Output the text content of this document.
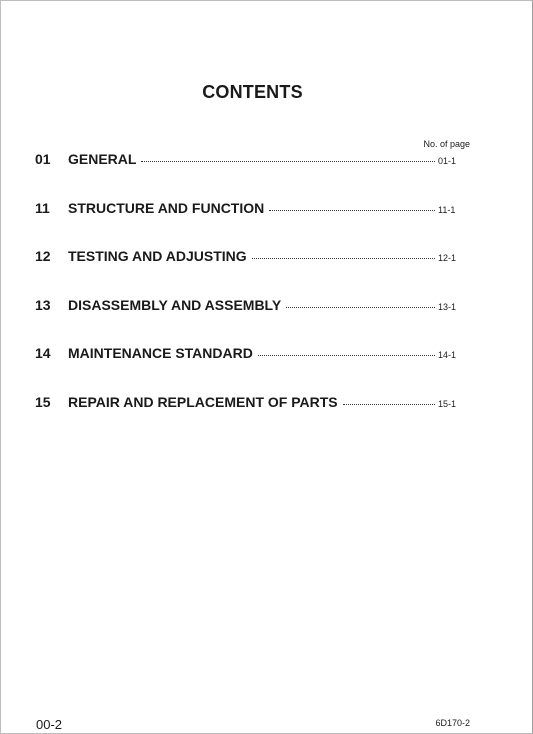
CONTENTS
No. of page
01	GENERAL	01-1
11	STRUCTURE AND FUNCTION	11-1
12	TESTING AND ADJUSTING	12-1
13	DISASSEMBLY AND ASSEMBLY	13-1
14	MAINTENANCE STANDARD	14-1
15	REPAIR AND REPLACEMENT OF PARTS	15-1
00-2	6D170-2
